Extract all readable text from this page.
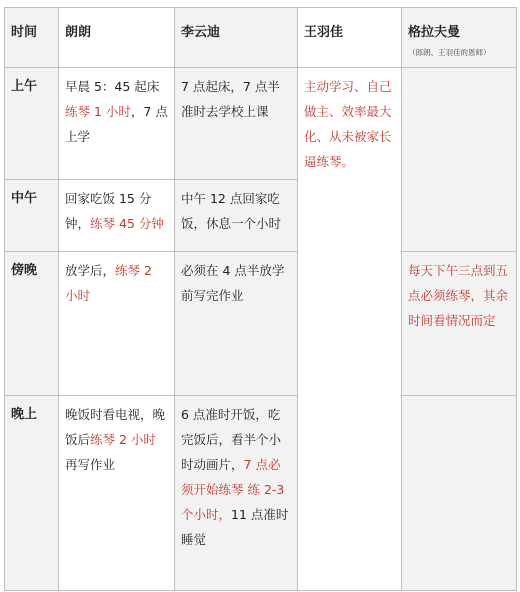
时间	朗朗	李云迪	王羽佳	格拉夫曼
（郎朗、王羽佳的恩师）

上午	早晨 5：45 起床练琴 1 小时，7 点上学	7 点起床，7 点半准时去学校上课	主动学习、自己做主、效率最大化、从未被家长逼练琴。	
中午	回家吃饭 15 分钟，练琴 45 分钟	中午 12 点回家吃饭，休息一个小时		
傍晚	放学后，练琴 2 小时	必须在 4 点半放学前写完作业		每天下午三点到五点必须练琴，其余时间看情况而定
晚上	晚饭时看电视，晚饭后练琴 2 小时再写作业	6 点准时开饭，吃完饭后，看半个小时动画片，7 点必须开始练琴 练 2-3 个小时，11 点准时睡觉		
